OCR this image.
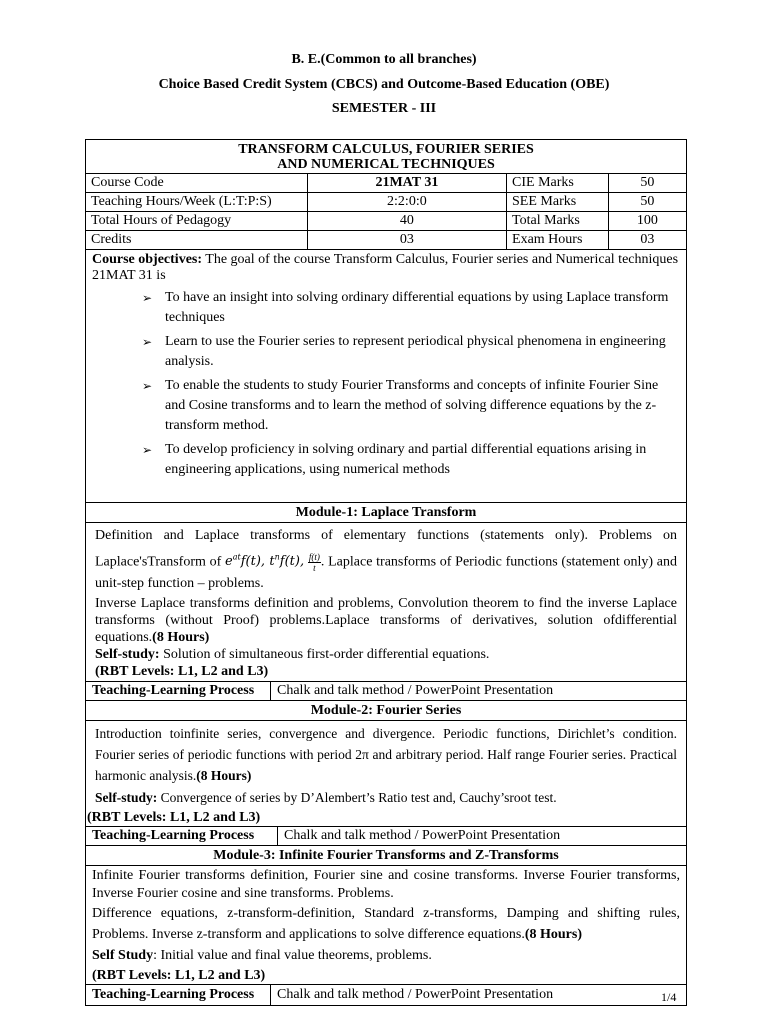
B. E.(Common to all branches)
Choice Based Credit System (CBCS) and Outcome-Based Education (OBE)
SEMESTER - III
TRANSFORM CALCULUS, FOURIER SERIES
AND NUMERICAL TECHNIQUES
Course Code	21MAT 31	CIE Marks	50
Teaching Hours/Week (L:T:P:S)	2:2:0:0	SEE Marks	50
Total Hours of Pedagogy	40	Total Marks	100
Credits	03	Exam Hours	03
Course objectives: The goal of the course Transform Calculus, Fourier series and Numerical techniques 21MAT 31 is
➢ To have an insight into solving ordinary differential equations by using Laplace transform techniques
➢ Learn to use the Fourier series to represent periodical physical phenomena in engineering analysis.
➢ To enable the students to study Fourier Transforms and concepts of infinite Fourier Sine and Cosine transforms and to learn the method of solving difference equations by the z-transform method.
➢ To develop proficiency in solving ordinary and partial differential equations arising in engineering applications, using numerical methods
Module-1: Laplace Transform

Definition and Laplace transforms of elementary functions (statements only). Problems on Laplace'sTransform of $e^{at}f(t)$, $t^nf(t)$, $\frac{f(t)}{t}$ . Laplace transforms of Periodic functions (statement only) and unit-step function – problems.

Inverse Laplace transforms definition and problems, Convolution theorem to find the inverse Laplace transforms (without Proof) problems.Laplace transforms of derivatives, solution ofdifferential equations.(8 Hours)

Self-study: Solution of simultaneous first-order differential equations.

(RBT Levels: L1, L2 and L3)

Teaching-Learning Process	Chalk and talk method / PowerPoint Presentation
Module-2: Fourier Series

Introduction toinfinite series, convergence and divergence. Periodic functions, Dirichlet’s condition. Fourier series of periodic functions with period 2π and arbitrary period. Half range Fourier series. Practical harmonic analysis.(8 Hours)

Self-study: Convergence of series by D’Alembert’s Ratio test and, Cauchy’sroot test.

(RBT Levels: L1, L2 and L3)

Teaching-Learning Process	Chalk and talk method / PowerPoint Presentation
Module-3: Infinite Fourier Transforms and Z-Transforms

Infinite Fourier transforms definition, Fourier sine and cosine transforms. Inverse Fourier transforms, Inverse Fourier cosine and sine transforms. Problems.

Difference equations, z-transform-definition, Standard z-transforms, Damping and shifting rules, Problems. Inverse z-transform and applications to solve difference equations.(8 Hours)

Self Study: Initial value and final value theorems, problems.

(RBT Levels: L1, L2 and L3)

Teaching-Learning Process	Chalk and talk method / PowerPoint Presentation	1/4
